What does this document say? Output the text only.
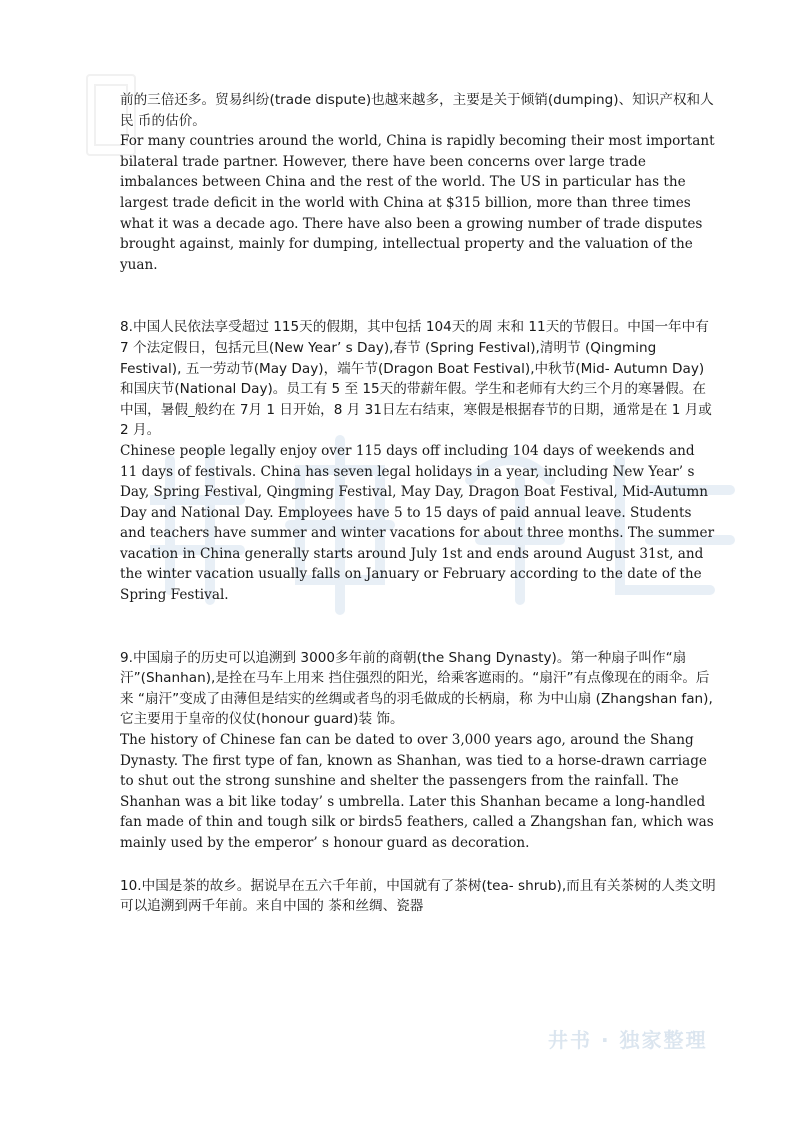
前的三倍还多。贸易纠纷(trade dispute)也越来越多，主要是关于倾销(dumping)、知识产权和人民 币的估价。
For many countries around the world, China is rapidly becoming their most important bilateral trade partner. However, there have been concerns over large trade imbalances between China and the rest of the world. The US in particular has the largest trade deficit in the world with China at $315 billion, more than three times what it was a decade ago. There have also been a growing number of trade disputes brought against, mainly for dumping, intellectual property and the valuation of the yuan.
8.中国人民依法享受超过 115天的假期，其中包括 104天的周 末和 11天的节假日。中国一年中有 7 个法定假日，包括元旦(New Year’ s Day),春节 (Spring Festival),清明节 (Qingming Festival), 五一劳动节(May Day)，端午节(Dragon Boat Festival),中秋节(Mid- Autumn Day)和国庆节(National Day)。员工有 5 至 15天的带薪年假。学生和老师有大约三个月的寒暑假。在中国，暑假_般约在 7月 1 日开始，8 月 31日左右结束，寒假是根据春节的日期，通常是在 1 月或 2 月。
Chinese people legally enjoy over 115 days off including 104 days of weekends and 11 days of festivals. China has seven legal holidays in a year, including New Year’ s Day, Spring Festival, Qingming Festival, May Day, Dragon Boat Festival, Mid-Autumn Day and National Day. Employees have 5 to 15 days of paid annual leave. Students and teachers have summer and winter vacations for about three months. The summer vacation in China generally starts around July 1st and ends around August 31st, and the winter vacation usually falls on January or February according to the date of the Spring Festival.
9.中国扇子的历史可以追溯到 3000多年前的商朝(the Shang Dynasty)。第一种扇子叫作“扇汗”(Shanhan),是拴在马车上用来 挡住强烈的阳光，给乘客遮雨的。“扇汗”有点像现在的雨伞。后来 “扇汗”变成了由薄但是结实的丝绸或者鸟的羽毛做成的长柄扇，称 为中山扇 (Zhangshan fan),它主要用于皇帝的仪仗(honour guard)装 饰。
The history of Chinese fan can be dated to over 3,000 years ago, around the Shang Dynasty. The first type of fan, known as Shanhan, was tied to a horse-drawn carriage to shut out the strong sunshine and shelter the passengers from the rainfall. The Shanhan was a bit like today’ s umbrella. Later this Shanhan became a long-handled fan made of thin and tough silk or birds5 feathers, called a Zhangshan fan, which was mainly used by the emperor’ s honour guard as decoration.
10.中国是茶的故乡。据说早在五六千年前，中国就有了茶树(tea- shrub),而且有关茶树的人类文明可以追溯到两千年前。来自中国的 茶和丝绸、瓷器
井书 · 独家整理
